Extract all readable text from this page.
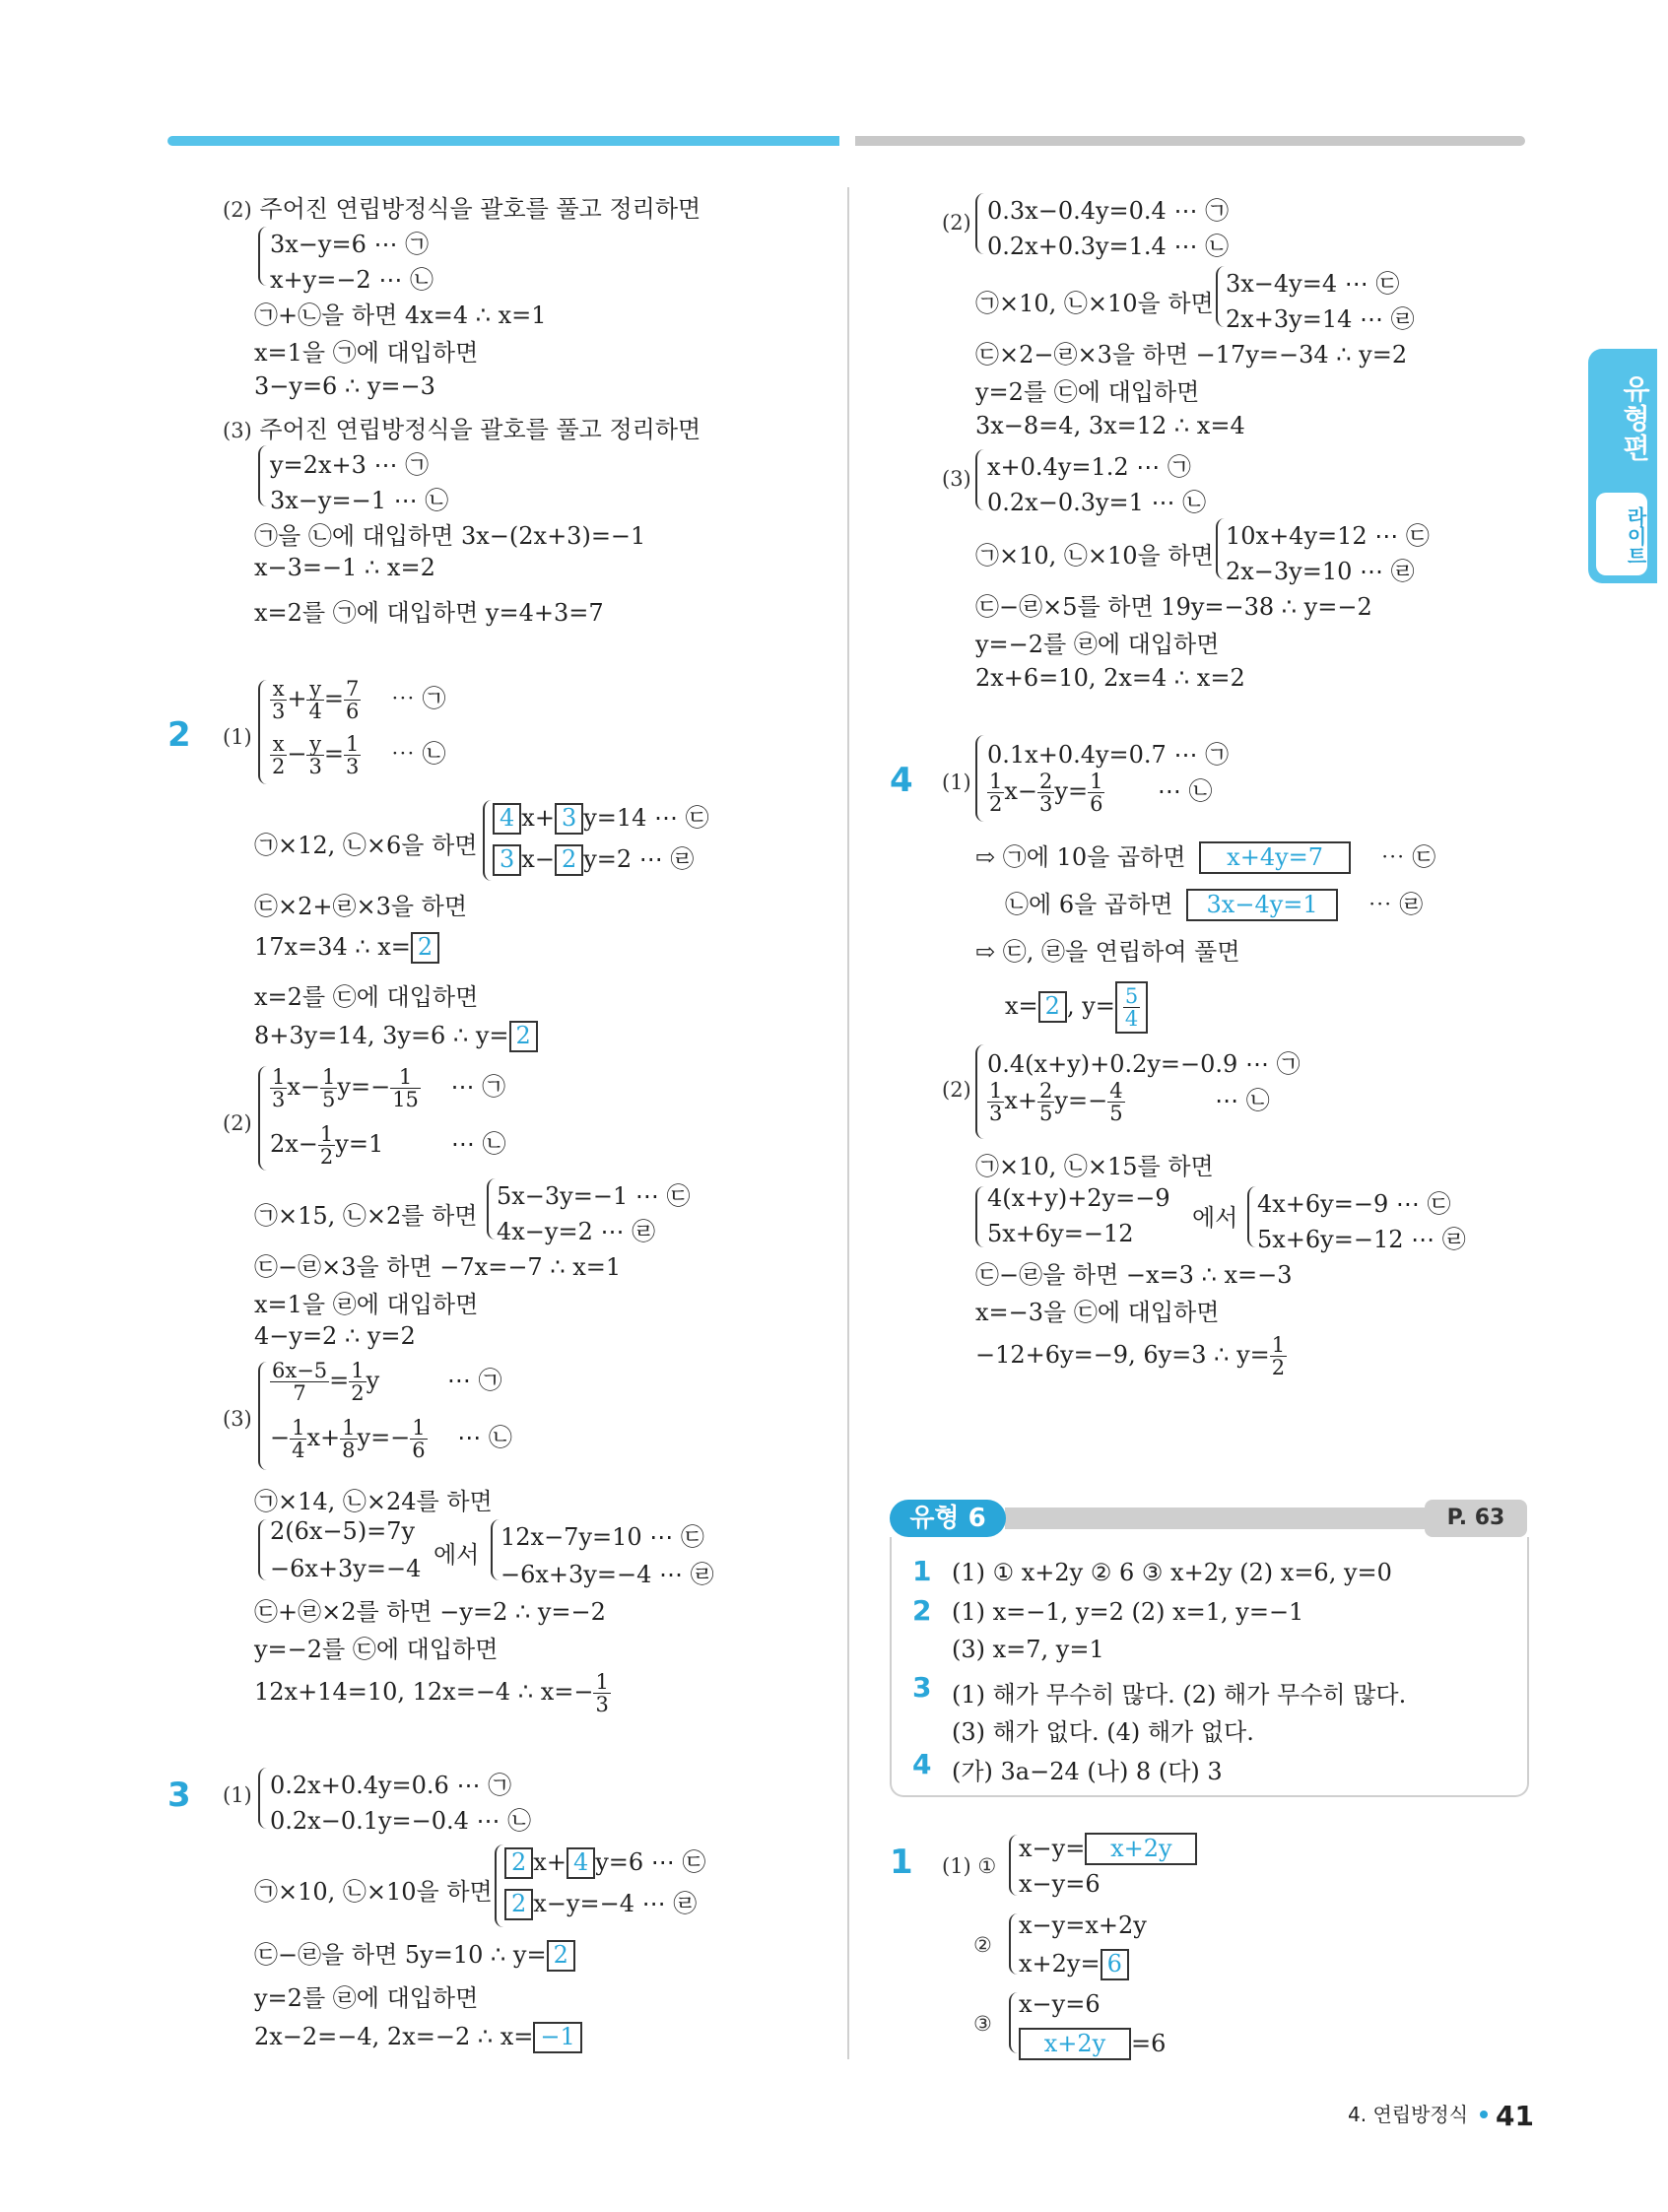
유형편
라이트
(2) 주어진 연립방정식을 괄호를 풀고 정리하면
3x−y=6 ⋯ ㉠
x+y=−2 ⋯ ㉡
㉠+㉡을 하면 4x=4 ∴ x=1
x=1을 ㉠에 대입하면
3−y=6 ∴ y=−3
(3) 주어진 연립방정식을 괄호를 풀고 정리하면
y=2x+3 ⋯ ㉠
3x−y=−1 ⋯ ㉡
㉠을 ㉡에 대입하면 3x−(2x+3)=−1
x−3=−1 ∴ x=2
x=2를 ㉠에 대입하면 y=4+3=7
2 (1)
$\frac{x}{3} + \frac{y}{4} = \frac{7}{6}$ ⋯ ㉠
$\frac{x}{2} - \frac{y}{3} = \frac{1}{3}$ ⋯ ㉡
㉠×12, ㉡×6을 하면
4 x+ 3 y=14 ⋯ ㉢
3 x− 2 y=2 ⋯ ㉣
㉢×2+㉣×3을 하면
17x=34 ∴ x= 2
x=2를 ㉢에 대입하면
8+3y=14, 3y=6 ∴ y= 2
(2)
$\frac{1}{3} x- \frac{1}{5} y=- \frac{1}{15}$ ⋯ ㉠
$2x- \frac{1}{2} y=1$	⋯ ㉡
㉠×15, ㉡×2를 하면
5x−3y=−1 ⋯ ㉢
4x−y=2 ⋯ ㉣
㉢−㉣×3을 하면 −7x=−7 ∴ x=1
x=1을 ㉣에 대입하면
4−y=2 ∴ y=2
(3)
$\frac{6x-5}{7} = \frac{1}{2}$ y         ⋯ ㉠
− $\frac{1}{4} x+ \frac{1}{8} y=- \frac{1}{6}$ ⋯ ㉡
㉠×14, ㉡×24를 하면
2(6x−5)=7y
−6x+3y=−4 에서
12x−7y=10 ⋯ ㉢
−6x+3y=−4 ⋯ ㉣
㉢+㉣×2를 하면 −y=2 ∴ y=−2
y=−2를 ㉢에 대입하면
12x+14=10, 12x=−4 ∴ $x=- \frac{1}{3}$
3 (1) 0.2x+0.4y=0.6 ⋯ ㉠
0.2x−0.1y=−0.4 ⋯ ㉡
㉠×10, ㉡×10을 하면
2 x+ 4 y=6 ⋯ ㉢
2 x−y=−4 ⋯ ㉣
㉢−㉣을 하면 5y=10 ∴ y= 2
y=2를 ㉣에 대입하면
2x−2=−4, 2x=−2 ∴ x= −1
(2) 0.3x−0.4y=0.4 ⋯ ㉠
0.2x+0.3y=1.4 ⋯ ㉡
㉠×10, ㉡×10을 하면
3x−4y=4 ⋯ ㉢
2x+3y=14 ⋯ ㉣
㉢×2−㉣×3을 하면 −17y=−34 ∴ y=2
y=2를 ㉢에 대입하면
3x−8=4, 3x=12 ∴ x=4
(3) x+0.4y=1.2 ⋯ ㉠
0.2x−0.3y=1 ⋯ ㉡
㉠×10, ㉡×10을 하면
10x+4y=12 ⋯ ㉢
2x−3y=10 ⋯ ㉣
㉢−㉣×5를 하면 19y=−38 ∴ y=−2
y=−2를 ㉣에 대입하면
2x+6=10, 2x=4 ∴ x=2
4 (1)
0.1x+0.4y=0.7 ⋯ ㉠
$\frac{1}{2} x- \frac{2}{3} y= \frac{1}{6}$ ⋯ ㉡
⇨ ㉠에 10을 곱하면 x+4y=7 ⋯ ㉢
㉡에 6을 곱하면 3x−4y=1 ⋯ ㉣
⇨ ㉢, ㉣을 연립하여 풀면
x= 2 , $y= \frac{5}{4}$
(2)
0.4(x+y)+0.2y=−0.9 ⋯ ㉠
$\frac{1}{3} x+ \frac{2}{5} y=- \frac{4}{5}$	⋯ ㉡
㉠×10, ㉡×15를 하면
4(x+y)+2y=−9
5x+6y=−12
에서 4x+6y=−9 ⋯ ㉢
5x+6y=−12 ⋯ ㉣
㉢−㉣을 하면 −x=3 ∴ x=−3
x=−3을 ㉢에 대입하면
−12+6y=−9, 6y=3 ∴ $y= \frac{1}{2}$
유형 6	P. 63
1 (1) ① x+2y ② 6 ③ x+2y (2) x=6, y=0
2 (1) x=−1, y=2 (2) x=1, y=−1
(3) x=7, y=1
3 (1) 해가 무수히 많다. (2) 해가 무수히 많다.
(3) 해가 없다. (4) 해가 없다.
4 (가) 3a−24 (나) 8 (다) 3
1 (1) ①
x−y= x+2y
x−y=6
②
x−y=x+2y
x+2y= 6
③
x−y=6
x+2y =6
4. 연립방정식 41
